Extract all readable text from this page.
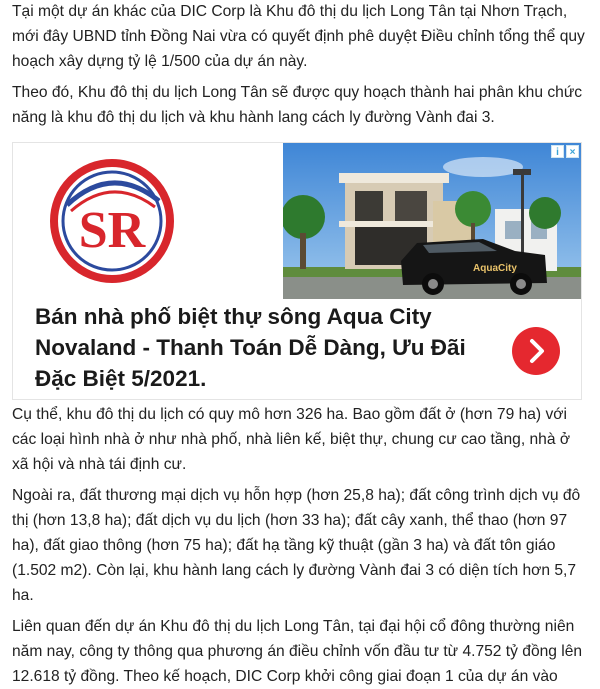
Tại một dự án khác của DIC Corp là Khu đô thị du lịch Long Tân tại Nhơn Trạch, mới đây UBND tỉnh Đồng Nai vừa có quyết định phê duyệt Điều chỉnh tổng thể quy hoạch xây dựng tỷ lệ 1/500 của dự án này.

Theo đó, Khu đô thị du lịch Long Tân sẽ được quy hoạch thành hai phân khu chức năng là khu đô thị du lịch và khu hành lang cách ly đường Vành đai 3.

SR
AquaCity
i	×

Bán nhà phố biệt thự sông Aqua City Novaland - Thanh Toán Dễ Dàng, Ưu Đãi Đặc Biệt 5/2021.

Cụ thể, khu đô thị du lịch có quy mô hơn 326 ha. Bao gồm đất ở (hơn 79 ha) với các loại hình nhà ở như nhà phố, nhà liên kế, biệt thự, chung cư cao tầng, nhà ở xã hội và nhà tái định cư.

Ngoài ra, đất thương mại dịch vụ hỗn hợp (hơn 25,8 ha); đất công trình dịch vụ đô thị (hơn 13,8 ha); đất dịch vụ du lịch (hơn 33 ha); đất cây xanh, thể thao (hơn 97 ha), đất giao thông (hơn 75 ha); đất hạ tầng kỹ thuật (gần 3 ha) và đất tôn giáo (1.502 m2). Còn lại, khu hành lang cách ly đường Vành đai 3 có diện tích hơn 5,7 ha.

Liên quan đến dự án Khu đô thị du lịch Long Tân, tại đại hội cổ đông thường niên năm nay, công ty thông qua phương án điều chỉnh vốn đầu tư từ 4.752 tỷ đồng lên 12.618 tỷ đồng. Theo kế hoạch, DIC Corp khởi công giai đoạn 1 của dự án vào
